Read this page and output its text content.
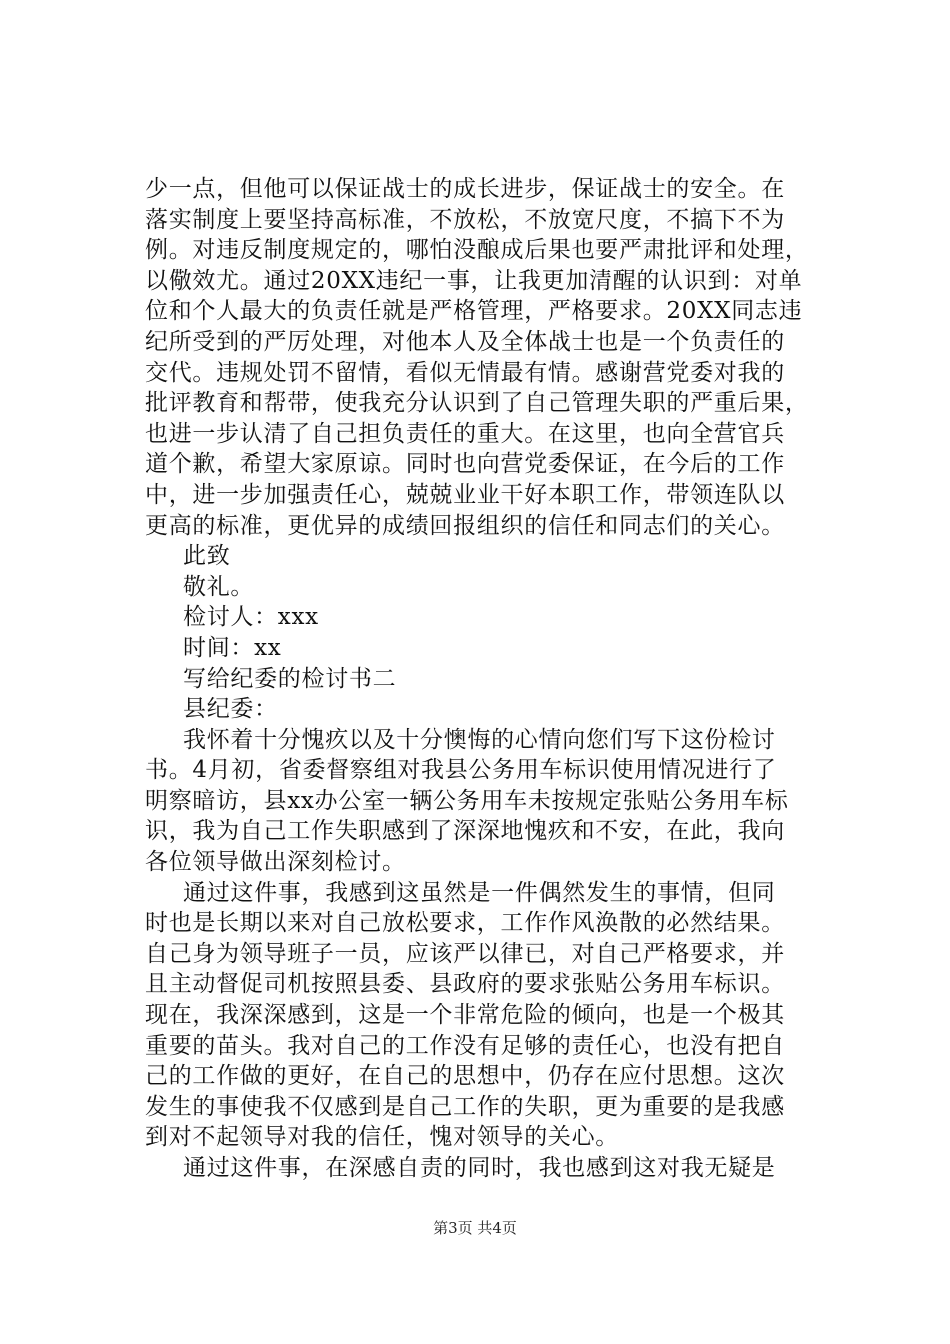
少一点，但他可以保证战士的成长进步，保证战士的安全。在
落实制度上要坚持高标准，不放松，不放宽尺度，不搞下不为
例。对违反制度规定的，哪怕没酿成后果也要严肃批评和处理，
以儆效尤。通过20XX违纪一事，让我更加清醒的认识到：对单
位和个人最大的负责任就是严格管理，严格要求。20XX同志违
纪所受到的严厉处理，对他本人及全体战士也是一个负责任的
交代。违规处罚不留情，看似无情最有情。感谢营党委对我的
批评教育和帮带，使我充分认识到了自己管理失职的严重后果，
也进一步认清了自己担负责任的重大。在这里，也向全营官兵
道个歉，希望大家原谅。同时也向营党委保证，在今后的工作
中，进一步加强责任心，兢兢业业干好本职工作，带领连队以
更高的标准，更优异的成绩回报组织的信任和同志们的关心。
此致
敬礼。
检讨人：xxx
时间：xx
写给纪委的检讨书二
县纪委：
我怀着十分愧疚以及十分懊悔的心情向您们写下这份检讨
书。4月初，省委督察组对我县公务用车标识使用情况进行了
明察暗访，县xx办公室一辆公务用车未按规定张贴公务用车标
识，我为自己工作失职感到了深深地愧疚和不安，在此，我向
各位领导做出深刻检讨。
通过这件事，我感到这虽然是一件偶然发生的事情，但同
时也是长期以来对自己放松要求，工作作风涣散的必然结果。
自己身为领导班子一员，应该严以律已，对自己严格要求，并
且主动督促司机按照县委、县政府的要求张贴公务用车标识。
现在，我深深感到，这是一个非常危险的倾向，也是一个极其
重要的苗头。我对自己的工作没有足够的责任心，也没有把自
己的工作做的更好，在自己的思想中，仍存在应付思想。这次
发生的事使我不仅感到是自己工作的失职，更为重要的是我感
到对不起领导对我的信任，愧对领导的关心。
通过这件事，在深感自责的同时，我也感到这对我无疑是
第3页 共4页
